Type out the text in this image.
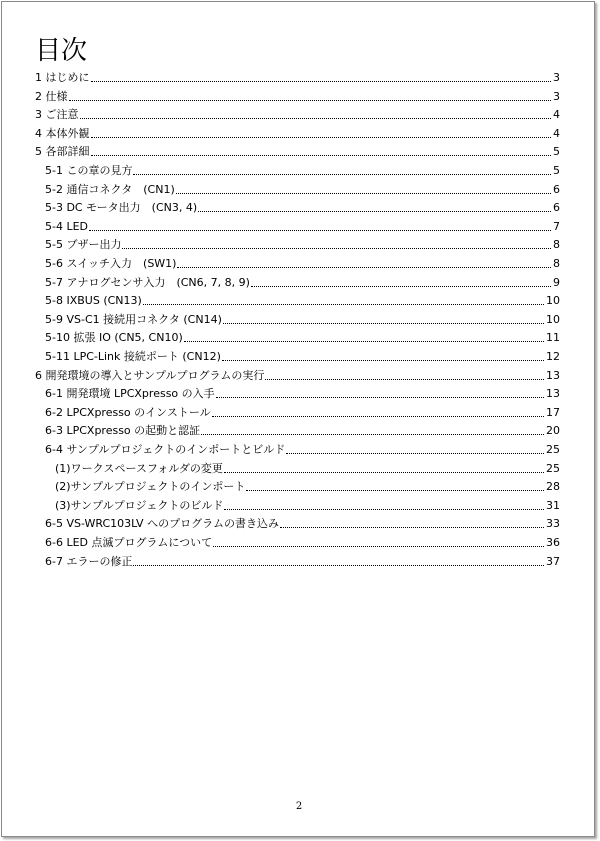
目次
1 はじめに	3
2 仕様	3
3 ご注意	4
4 本体外観	4
5 各部詳細	5
5-1 この章の見方	5
5-2 通信コネクタ　(CN1)	6
5-3 DC モータ出力　(CN3, 4)	6
5-4 LED	7
5-5 ブザー出力	8
5-6 スイッチ入力　(SW1)	8
5-7 アナログセンサ入力　(CN6, 7, 8, 9)	9
5-8 IXBUS (CN13)	10
5-9 VS-C1 接続用コネクタ (CN14)	10
5-10 拡張 IO (CN5, CN10)	11
5-11 LPC-Link 接続ポート (CN12)	12
6 開発環境の導入とサンプルプログラムの実行	13
6-1 開発環境 LPCXpresso の入手	13
6-2 LPCXpresso のインストール	17
6-3 LPCXpresso の起動と認証	20
6-4 サンプルプロジェクトのインポートとビルド	25
(1)ワークスペースフォルダの変更	25
(2)サンプルプロジェクトのインポート	28
(3)サンプルプロジェクトのビルド	31
6-5 VS-WRC103LV へのプログラムの書き込み	33
6-6 LED 点滅プログラムについて	36
6-7 エラーの修正	37
2
